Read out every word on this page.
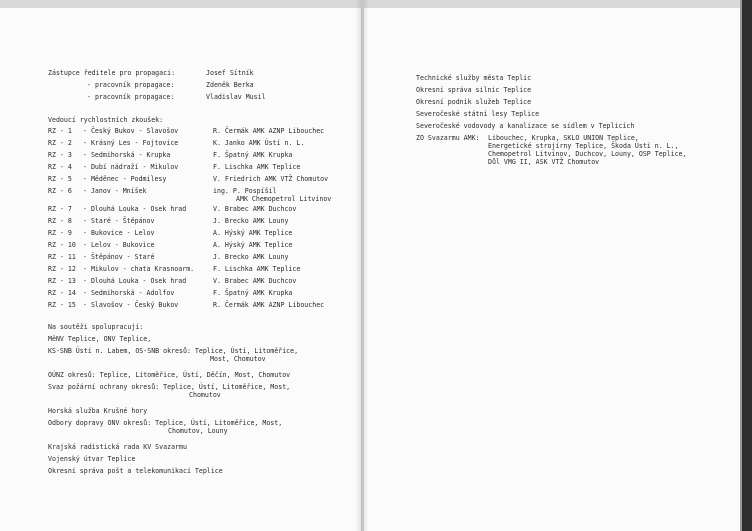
Zástupce ředitele pro propagaci:	Josef Sítník
- pracovník propagace:	Zdeněk Berka
- pracovník propagace:	Vladislav Musil
Vedoucí rychlostních zkoušek:
RZ - 1 - Český Bukov - Slavošov	R. Čermák AMK AZNP Libouchec
RZ - 2 - Krásný Les - Fojtovice	K. Janko AMK Ústí n. L.
RZ - 3 - Sedmihorská - Krupka	F. Špatný AMK Krupka
RZ - 4 - Dubí nádraží - Mikulov	F. Lischka AMK Teplice
RZ - 5 - Měděnec - Podmilesy	V. Friedrich AMK VTŽ Chomutov
RZ - 6 - Janov - Mníšek	ing. P. Pospíšil
AMK Chemopetrol Litvínov
RZ - 7 - Dlouhá Louka - Osek hrad	V. Brabec AMK Duchcov
RZ - 8 - Staré - Štěpánov	J. Brecko AMK Louny
RZ - 9 - Bukovice - Lelov	A. Hýský AMK Teplice
RZ - 10 - Lelov - Bukovice	A. Hýský AMK Teplice
RZ - 11 - Štěpánov - Staré	J. Brecko AMK Louny
RZ - 12 - Mikulov - chata Krasnoarm.	F. Lischka AMK Teplice
RZ - 13 - Dlouhá Louka - Osek hrad	V. Brabec AMK Duchcov
RZ - 14 - Sedmihorská - Adolfov	F. Špatný AMK Krupka
RZ - 15 - Slavošov - Český Bukov	R. Čermák AMK AZNP Libouchec
Na soutěži spolupracují:
MěNV Teplice, ONV Teplice,
KS-SNB Ústí n. Labem, OS-SNB okresů: Teplice, Ústí, Litoměřice,
Most, Chomutov
OÚNZ okresů: Teplice, Litoměřice, Ústí, Děčín, Most, Chomutov
Svaz požární ochrany okresů: Teplice, Ústí, Litoměřice, Most,
Chomutov
Horská služba Krušné hory
Odbory dopravy ONV okresů: Teplice, Ústí, Litoměřice, Most,
Chomutov, Louny
Krajská radistická rada KV Svazarmu
Vojenský útvar Teplice
Okresní správa pošt a telekomunikací Teplice
Technické služby města Teplic
Okresní správa silnic Teplice
Okresní podnik služeb Teplice
Severočeské státní lesy Teplice
Severočeské vodovody a kanalizace se sídlem v Teplicích
ZO Svazarmu AMK: Libouchec, Krupka, SKLO UNION Teplice,
Energetické strojírny Teplice, Škoda Ústí n. L.,
Chemopetrol Litvínov, Duchcov, Louny, OSP Teplice,
Důl VMG II, ASK VTŽ Chomutov
